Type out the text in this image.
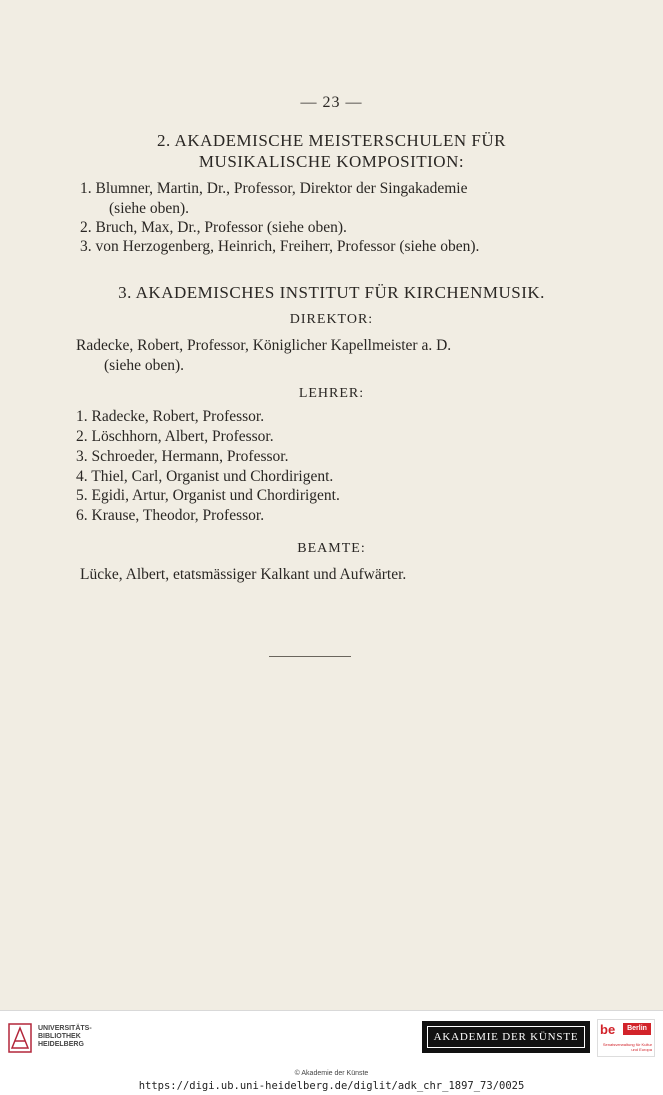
— 23 —
2. AKADEMISCHE MEISTERSCHULEN FÜR
MUSIKALISCHE KOMPOSITION:
1. Blumner, Martin, Dr., Professor, Direktor der Singakademie
(siehe oben).
2. Bruch, Max, Dr., Professor (siehe oben).
3. von Herzogenberg, Heinrich, Freiherr, Professor (siehe oben).
3. AKADEMISCHES INSTITUT FÜR KIRCHENMUSIK.
DIREKTOR:
Radecke, Robert, Professor, Königlicher Kapellmeister a. D.
(siehe oben).
LEHRER:
1. Radecke, Robert, Professor.
2. Löschhorn, Albert, Professor.
3. Schroeder, Hermann, Professor.
4. Thiel, Carl, Organist und Chordirigent.
5. Egidi, Artur, Organist und Chordirigent.
6. Krause, Theodor, Professor.
BEAMTE:
Lücke, Albert, etatsmässiger Kalkant und Aufwärter.
UNIVERSITÄTS-
BIBLIOTHEK
HEIDELBERG
AKADEMIE DER KÜNSTE	be	Berlin
Senatsverwaltung für Kultur und Europa
© Akademie der Künste
https://digi.ub.uni-heidelberg.de/diglit/adk_chr_1897_73/0025
